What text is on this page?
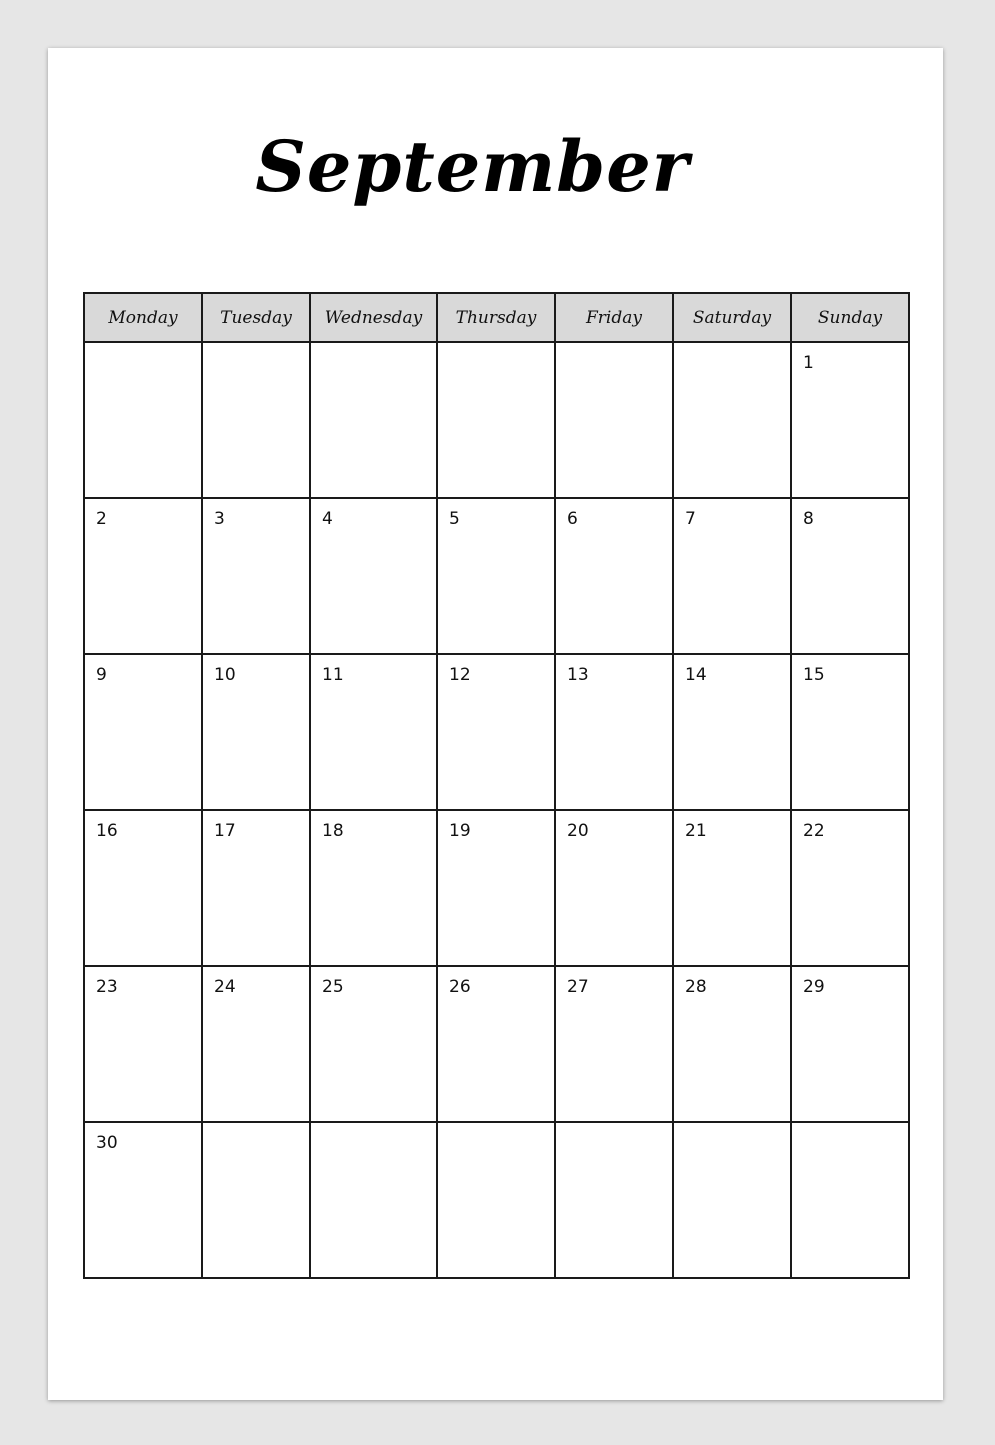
September
Monday	Tuesday	Wednesday	Thursday	Friday	Saturday	Sunday

						1

2	3	4	5	6	7	8

9	10	11	12	13	14	15

16	17	18	19	20	21	22

23	24	25	26	27	28	29

30						
